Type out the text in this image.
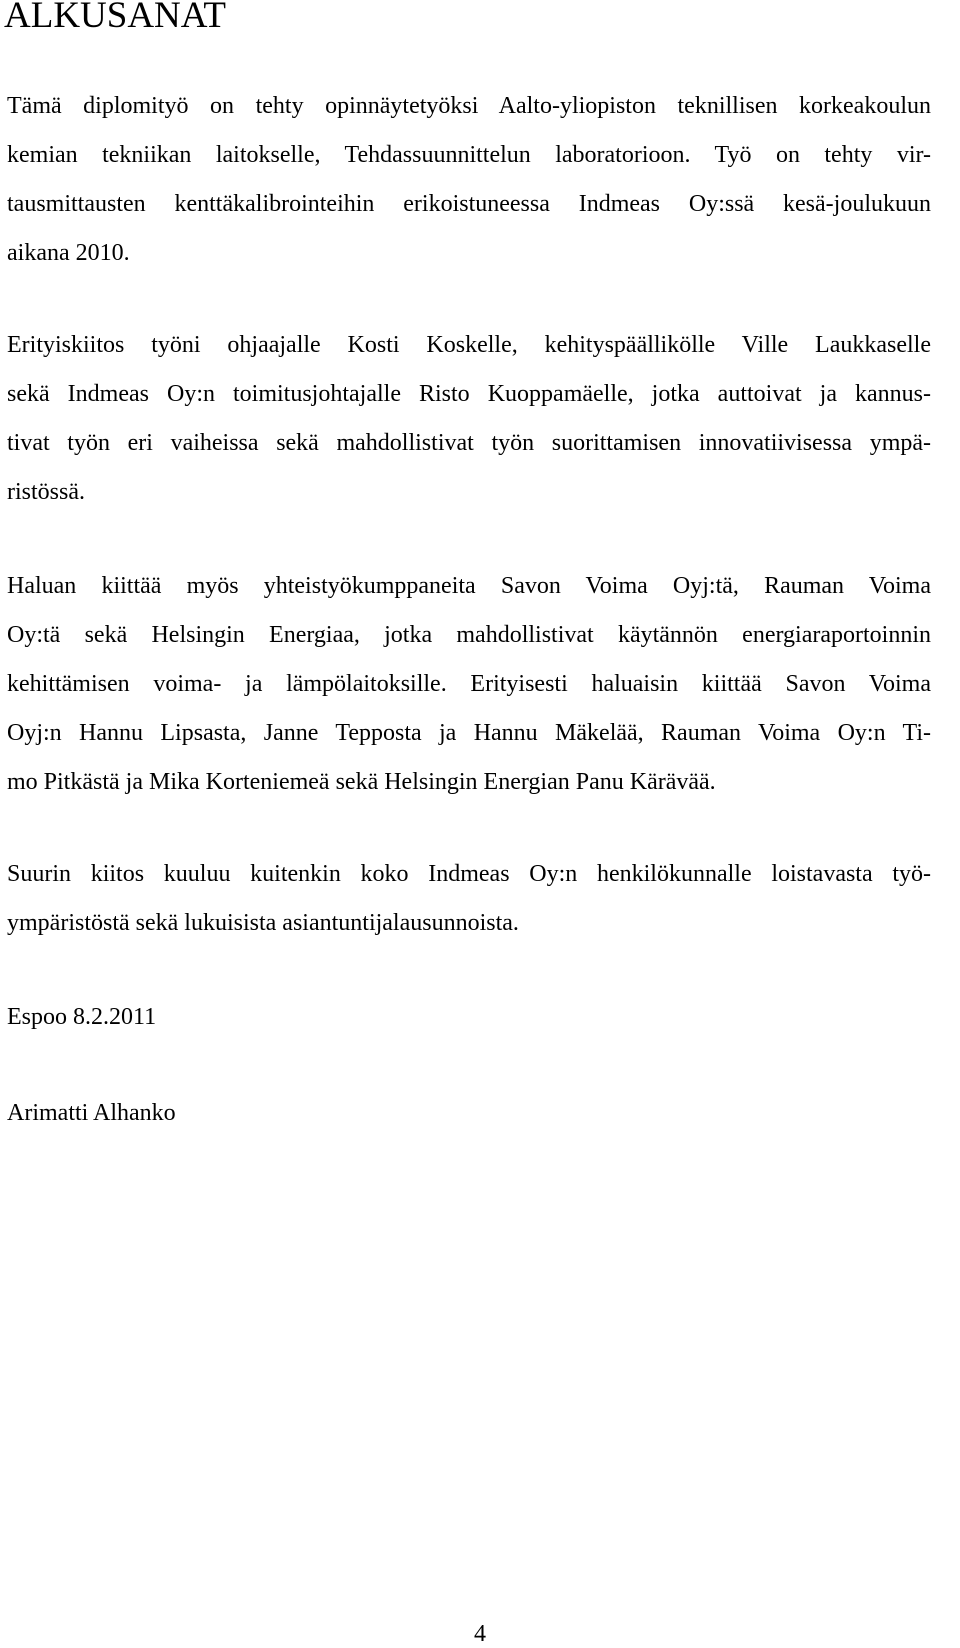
ALKUSANAT

Tämä diplomityö on tehty opinnäytetyöksi Aalto-yliopiston teknillisen korkeakoulun
kemian tekniikan laitokselle, Tehdassuunnittelun laboratorioon. Työ on tehty vir-
tausmittausten kenttäkalibrointeihin erikoistuneessa Indmeas Oy:ssä kesä-joulukuun
aikana 2010.

Erityiskiitos työni ohjaajalle Kosti Koskelle, kehityspäällikölle Ville Laukkaselle
sekä Indmeas Oy:n toimitusjohtajalle Risto Kuoppamäelle, jotka auttoivat ja kannus-
tivat työn eri vaiheissa sekä mahdollistivat työn suorittamisen innovatiivisessa ympä-
ristössä.

Haluan kiittää myös yhteistyökumppaneita Savon Voima Oyj:tä, Rauman Voima
Oy:tä sekä Helsingin Energiaa, jotka mahdollistivat käytännön energiaraportoinnin
kehittämisen voima- ja lämpölaitoksille. Erityisesti haluaisin kiittää Savon Voima
Oyj:n Hannu Lipsasta, Janne Tepposta ja Hannu Mäkelää, Rauman Voima Oy:n Ti-
mo Pitkästä ja Mika Korteniemeä sekä Helsingin Energian Panu Kärävää.

Suurin kiitos kuuluu kuitenkin koko Indmeas Oy:n henkilökunnalle loistavasta työ-
ympäristöstä sekä lukuisista asiantuntijalausunnoista.

Espoo 8.2.2011

Arimatti Alhanko

4
